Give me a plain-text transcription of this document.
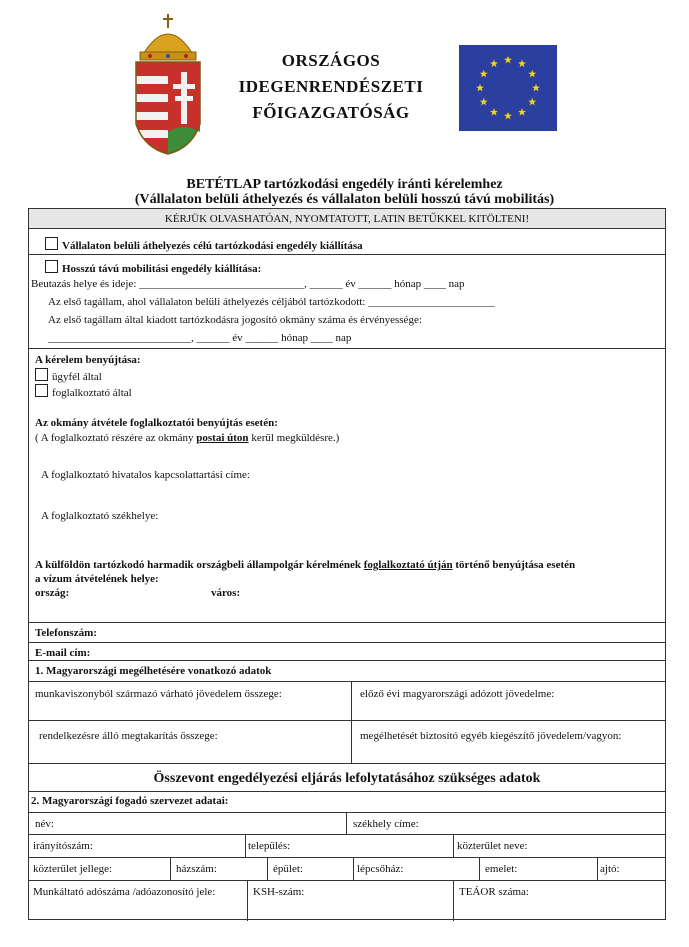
ORSZÁGOS
IDEGENRENDÉSZETI
FŐIGAZGATÓSÁG
BETÉTLAP tartózkodási engedély iránti kérelemhez
(Vállalaton belüli áthelyezés és vállalaton belüli hosszú távú mobilitás)
KÉRJÜK OLVASHATÓAN, NYOMTATOTT, LATIN BETŰKKEL KITÖLTENI!
Vállalaton belüli áthelyezés célú tartózkodási engedély kiállítása
Hosszú távú mobilitási engedély kiállítása:
Beutazás helye és ideje: ______________________________, ______ év ______ hónap ____ nap
Az első tagállam, ahol vállalaton belüli áthelyezés céljából tartózkodott: _______________________
Az első tagállam által kiadott tartózkodásra jogosító okmány száma és érvényessége:
__________________________, ______ év ______ hónap ____ nap
A kérelem benyújtása:
ügyfél által
foglalkoztató által
Az okmány átvétele foglalkoztatói benyújtás esetén:
( A foglalkoztató részére az okmány postai úton kerül megküldésre.)
A foglalkoztató hivatalos kapcsolattartási címe:
A foglalkoztató székhelye:
A külföldön tartózkodó harmadik országbeli állampolgár kérelmének foglalkoztató útján történő benyújtása esetén
a vízum átvételének helye:
ország:	város:
Telefonszám:
E-mail cím:
1. Magyarországi megélhetésére vonatkozó adatok
munkaviszonyból származó várható jövedelem összege:	előző évi magyarországi adózott jövedelme:
rendelkezésre álló megtakarítás összege:	megélhetését biztosító egyéb kiegészítő jövedelem/vagyon:
Összevont engedélyezési eljárás lefolytatásához szükséges adatok
2. Magyarországi fogadó szervezet adatai:
név:	székhely címe:
irányítószám:	település:	közterület neve:
közterület jellege:	házszám:	épület:	lépcsőház:	emelet:	ajtó:
Munkáltató adószáma /adóazonosító jele:	KSH-szám:	TEÁOR száma:
